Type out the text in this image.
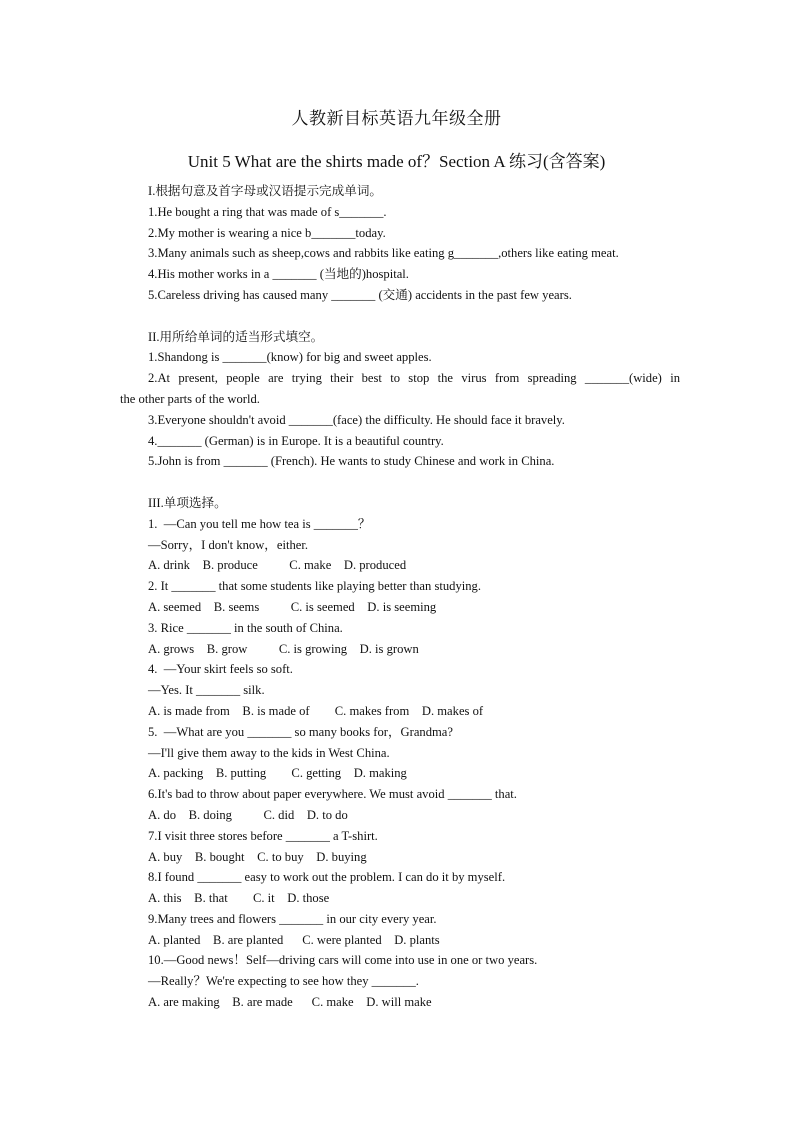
人教新目标英语九年级全册
Unit 5 What are the shirts made of？Section A 练习(含答案)

I.根据句意及首字母或汉语提示完成单词。

1.He bought a ring that was made of s_______.

2.My mother is wearing a nice b_______today.

3.Many animals such as sheep,cows and rabbits like eating g_______,others like eating meat.

4.His mother works in a _______ (当地的)hospital.

5.Careless driving has caused many _______ (交通) accidents in the past few years.

II.用所给单词的适当形式填空。

1.Shandong is _______(know) for big and sweet apples.

2.At present, people are trying their best to stop the virus from spreading _______(wide) in

the other parts of the world.

3.Everyone shouldn't avoid _______(face) the difficulty. He should face it bravely.

4._______ (German) is in Europe. It is a beautiful country.

5.John is from _______ (French). He wants to study Chinese and work in China.

III.单项选择。

1.  —Can you tell me how tea is _______？

—Sorry，I don't know，either.

A. drink    B. produce          C. make    D. produced

2. It _______ that some students like playing better than studying.

A. seemed    B. seems          C. is seemed    D. is seeming

3. Rice _______ in the south of China.

A. grows    B. grow          C. is growing    D. is grown

4.  —Your skirt feels so soft.

—Yes. It _______ silk.

A. is made from    B. is made of        C. makes from    D. makes of

5.  —What are you _______ so many books for，Grandma?

—I'll give them away to the kids in West China.

A. packing    B. putting        C. getting    D. making

6.It's bad to throw about paper everywhere. We must avoid _______ that.

A. do    B. doing          C. did    D. to do

7.I visit three stores before _______ a T-shirt.

A. buy    B. bought    C. to buy    D. buying

8.I found _______ easy to work out the problem. I can do it by myself.

A. this    B. that        C. it    D. those

9.Many trees and flowers _______ in our city every year.

A. planted    B. are planted      C. were planted    D. plants

10.—Good news！Self—driving cars will come into use in one or two years.

—Really？We're expecting to see how they _______.

A. are making    B. are made      C. make    D. will make
